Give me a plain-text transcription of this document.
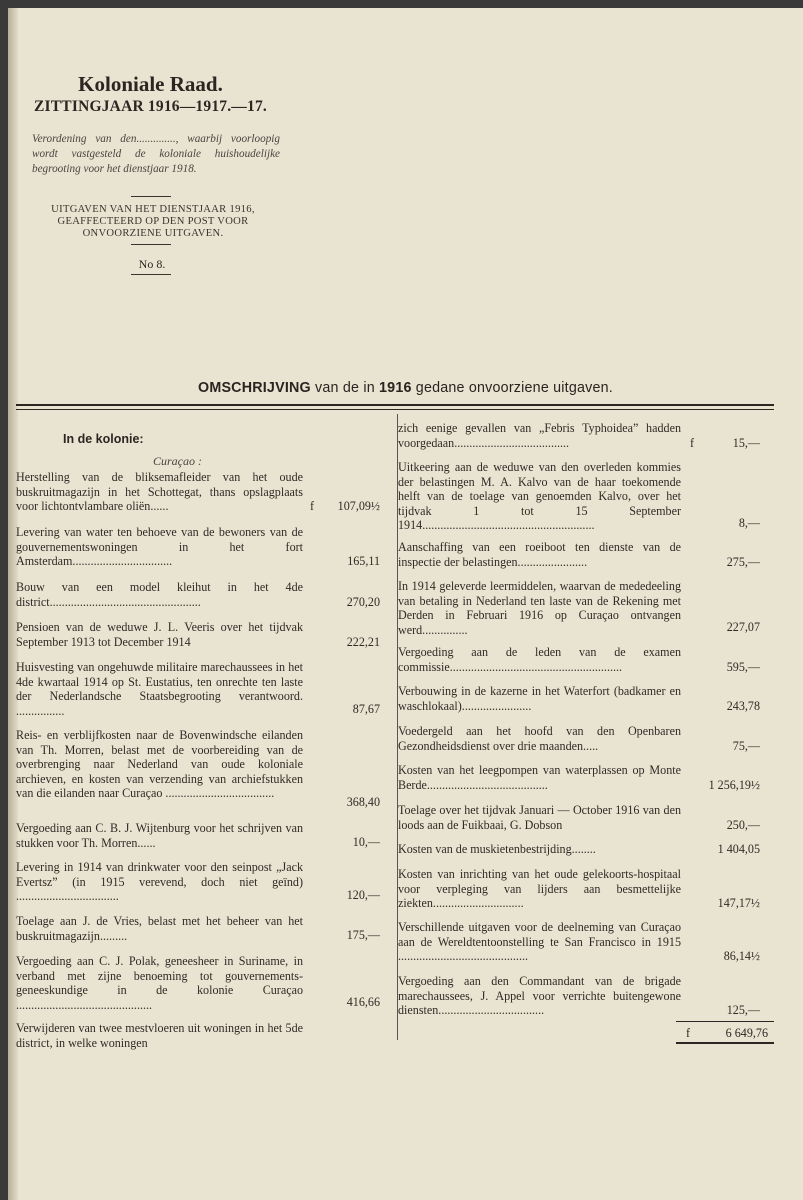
Koloniale Raad.
ZITTINGJAAR 1916—1917.—17.
Verordening van den.............., waarbij voorloopig wordt vastgesteld de koloniale huishoudelijke begrooting voor het dienstjaar 1918.
UITGAVEN VAN HET DIENSTJAAR 1916,
GEAFFECTEERD OP DEN POST VOOR
ONVOORZIENE UITGAVEN.
No 8.
OMSCHRIJVING van de in 1916 gedane onvoorziene uitgaven.
In de kolonie:
Curaçao :
Herstelling van de bliksemafleider van het oude buskruitmagazijn in het Schottegat, thans opslagplaats voor lichtontvlambare oliën......	f	107,09½
Levering van water ten behoeve van de bewoners van de gouvernementswoningen in het fort Amsterdam.................................	165,11
Bouw van een model kleihut in het 4de district..................................................	270,20
Pensioen van de weduwe J. L. Veeris over het tijdvak September 1913 tot December 1914	222,21
Huisvesting van ongehuwde militaire marechaussees in het 4de kwartaal 1914 op St. Eustatius, ten onrechte ten laste der Nederlandsche Staatsbegrooting verantwoord. ................	87,67
Reis- en verblijfkosten naar de Bovenwindsche eilanden van Th. Morren, belast met de voorbereiding van de overbrenging naar Nederland van oude koloniale archieven, en kosten van verzending van archiefstukken van die eilanden naar Curaçao ....................................
368,40
Vergoeding aan C. B. J. Wijtenburg voor het schrijven van stukken voor Th. Morren......	10,—
Levering in 1914 van drinkwater voor den seinpost „Jack Evertsz” (in 1915 verevend, doch niet geïnd) ..................................	120,—
Toelage aan J. de Vries, belast met het beheer van het buskruitmagazijn.........	175,—
Vergoeding aan C. J. Polak, geneesheer in Suriname, in verband met zijne benoeming tot gouvernements-geneeskundige in de kolonie Curaçao .............................................	416,66
Verwijderen van twee mestvloeren uit woningen in het 5de district, in welke woningen
zich eenige gevallen van „Febris Typhoidea” hadden voorgedaan......................................	f	15,—
Uitkeering aan de weduwe van den overleden kommies der belastingen M. A. Kalvo van de haar toekomende helft van de toelage van genoemden Kalvo, over het tijdvak 1 tot 15 September 1914.........................................................	8,—
Aanschaffing van een roeiboot ten dienste van de inspectie der belastingen.......................	275,—
In 1914 geleverde leermiddelen, waarvan de mededeeling van betaling in Nederland ten laste van de Rekening met Derden in Februari 1916 op Curaçao ontvangen werd...............	227,07
Vergoeding aan de leden van de examen commissie.........................................................	595,—
Verbouwing in de kazerne in het Waterfort (badkamer en waschlokaal).......................	243,78
Voedergeld aan het hoofd van den Openbaren Gezondheidsdienst over drie maanden.....	75,—
Kosten van het leegpompen van waterplassen op Monte Berde........................................	1 256,19½
Toelage over het tijdvak Januari — October 1916 van den loods aan de Fuikbaai, G. Dobson	250,—
Kosten van de muskietenbestrijding........	1 404,05
Kosten van inrichting van het oude gelekoorts-hospitaal voor verpleging van lijders aan besmettelijke ziekten..............................	147,17½
Verschillende uitgaven voor de deelneming van Curaçao aan de Wereldtentoonstelling te San Francisco in 1915 ...........................................	86,14½
Vergoeding aan den Commandant van de brigade marechaussees, J. Appel voor verrichte buitengewone diensten...................................	125,—
f	6 649,76
